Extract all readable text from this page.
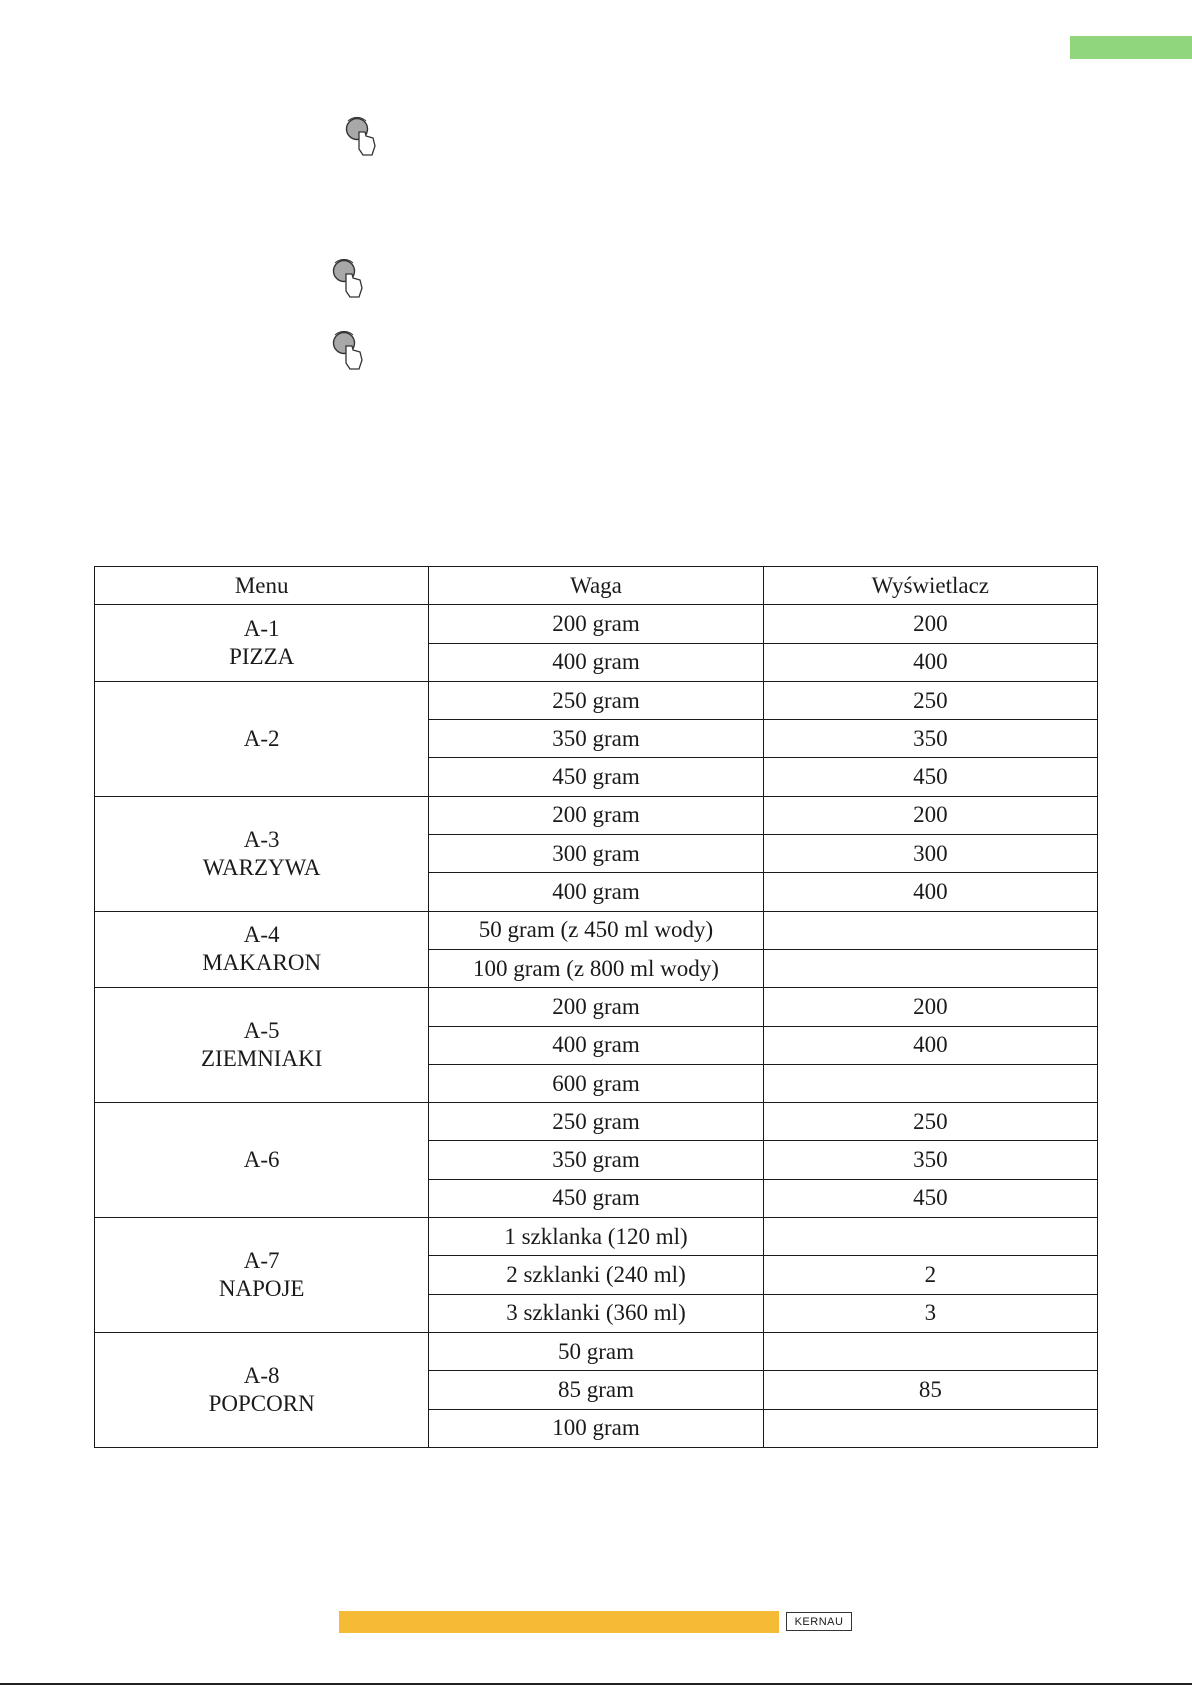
Menu	Waga	Wyświetlacz

A-1
PIZZA	200 gram	200
	400 gram	400

A-2	250 gram	250
	350 gram	350
	450 gram	450

A-3
WARZYWA	200 gram	200
	300 gram	300
	400 gram	400

A-4
MAKARON	50 gram (z 450 ml wody)	
	100 gram (z 800 ml wody)	

A-5
ZIEMNIAKI	200 gram	200
	400 gram	400
	600 gram	

A-6	250 gram	250
	350 gram	350
	450 gram	450

A-7
NAPOJE	1 szklanka (120 ml)	
	2 szklanki (240 ml)	2
	3 szklanki (360 ml)	3

A-8
POPCORN	50 gram	
	85 gram	85
	100 gram	
KERNAU
